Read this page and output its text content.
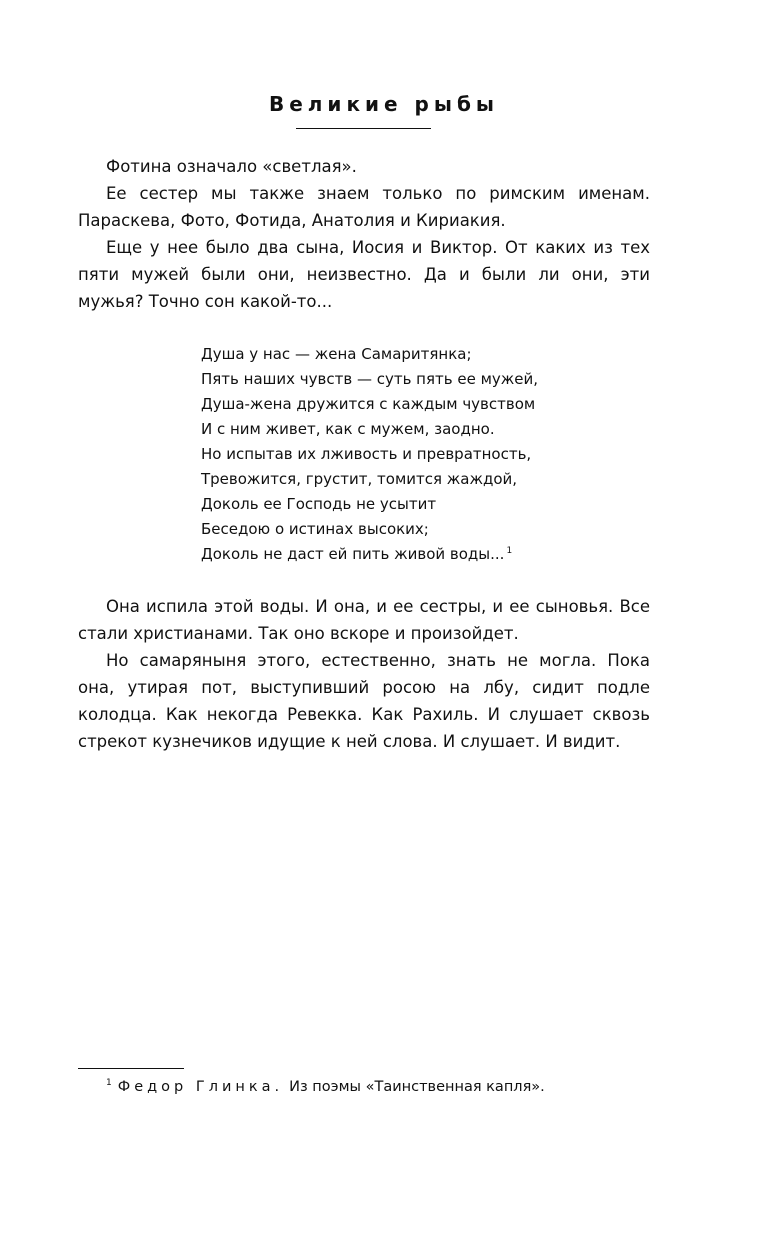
Великие рыбы

Фотина означало «светлая».

Ее сестер мы также знаем только по римским именам. Параскева, Фото, Фотида, Анатолия и Кириакия.

Еще у нее было два сына, Иосия и Виктор. От каких из тех пяти мужей были они, неизвестно. Да и были ли они, эти мужья? Точно сон какой-то...

Душа у нас — жена Самаритянка;
Пять наших чувств — суть пять ее мужей,
Душа-жена дружится с каждым чувством
И с ним живет, как с мужем, заодно.
Но испытав их лживость и превратность,
Тревожится, грустит, томится жаждой,
Доколь ее Господь не усытит
Беседою о истинах высоких;
Доколь не даст ей пить живой воды... $^1$

Она испила этой воды. И она, и ее сестры, и ее сыновья. Все стали христианами. Так оно вскоре и произойдет.

Но самаряныня этого, естественно, знать не могла. Пока она, утирая пот, выступивший росою на лбу, сидит подле колодца. Как некогда Ревекка. Как Рахиль. И слушает сквозь стрекот кузнечиков идущие к ней слова. И слушает. И видит.

$^1$ Федор Глинка. Из поэмы «Таинственная капля».
